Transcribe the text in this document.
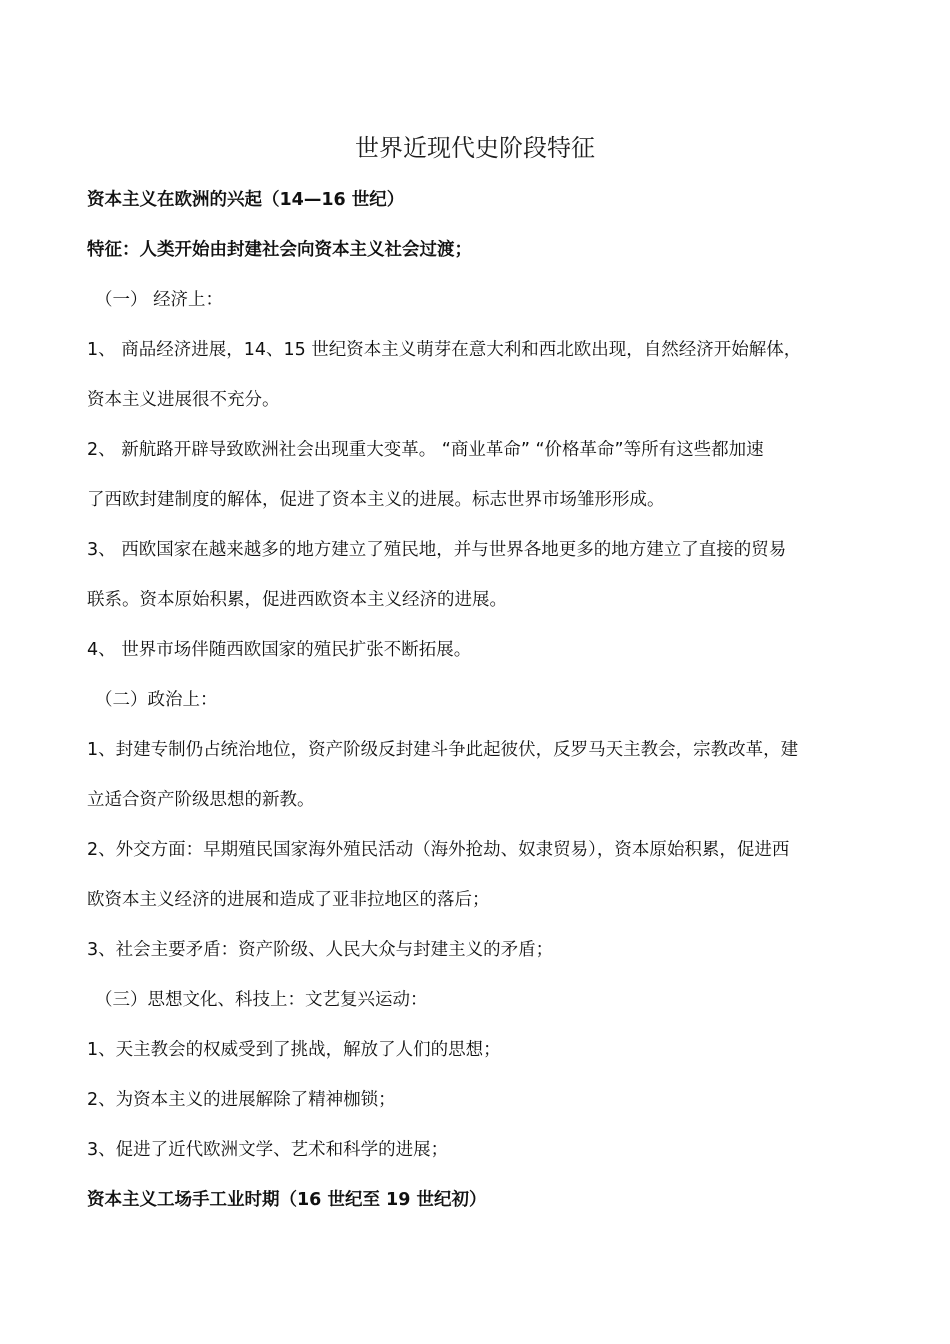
世界近现代史阶段特征
资本主义在欧洲的兴起（14—16 世纪）
特征：人类开始由封建社会向资本主义社会过渡；
（一） 经济上：
1、 商品经济进展，14、15 世纪资本主义萌芽在意大利和西北欧出现，自然经济开始解体，
资本主义进展很不充分。
2、 新航路开辟导致欧洲社会出现重大变革。 “商业革命” “价格革命”等所有这些都加速
了西欧封建制度的解体，促进了资本主义的进展。标志世界市场雏形形成。
3、 西欧国家在越来越多的地方建立了殖民地，并与世界各地更多的地方建立了直接的贸易
联系。资本原始积累，促进西欧资本主义经济的进展。
4、 世界市场伴随西欧国家的殖民扩张不断拓展。
（二）政治上：
1、封建专制仍占统治地位，资产阶级反封建斗争此起彼伏，反罗马天主教会，宗教改革，建
立适合资产阶级思想的新教。
2、外交方面：早期殖民国家海外殖民活动（海外抢劫、奴隶贸易），资本原始积累，促进西
欧资本主义经济的进展和造成了亚非拉地区的落后；
3、社会主要矛盾：资产阶级、人民大众与封建主义的矛盾；
（三）思想文化、科技上：文艺复兴运动：
1、天主教会的权威受到了挑战，解放了人们的思想；
2、为资本主义的进展解除了精神枷锁；
3、促进了近代欧洲文学、艺术和科学的进展；
资本主义工场手工业时期（16 世纪至 19 世纪初）
